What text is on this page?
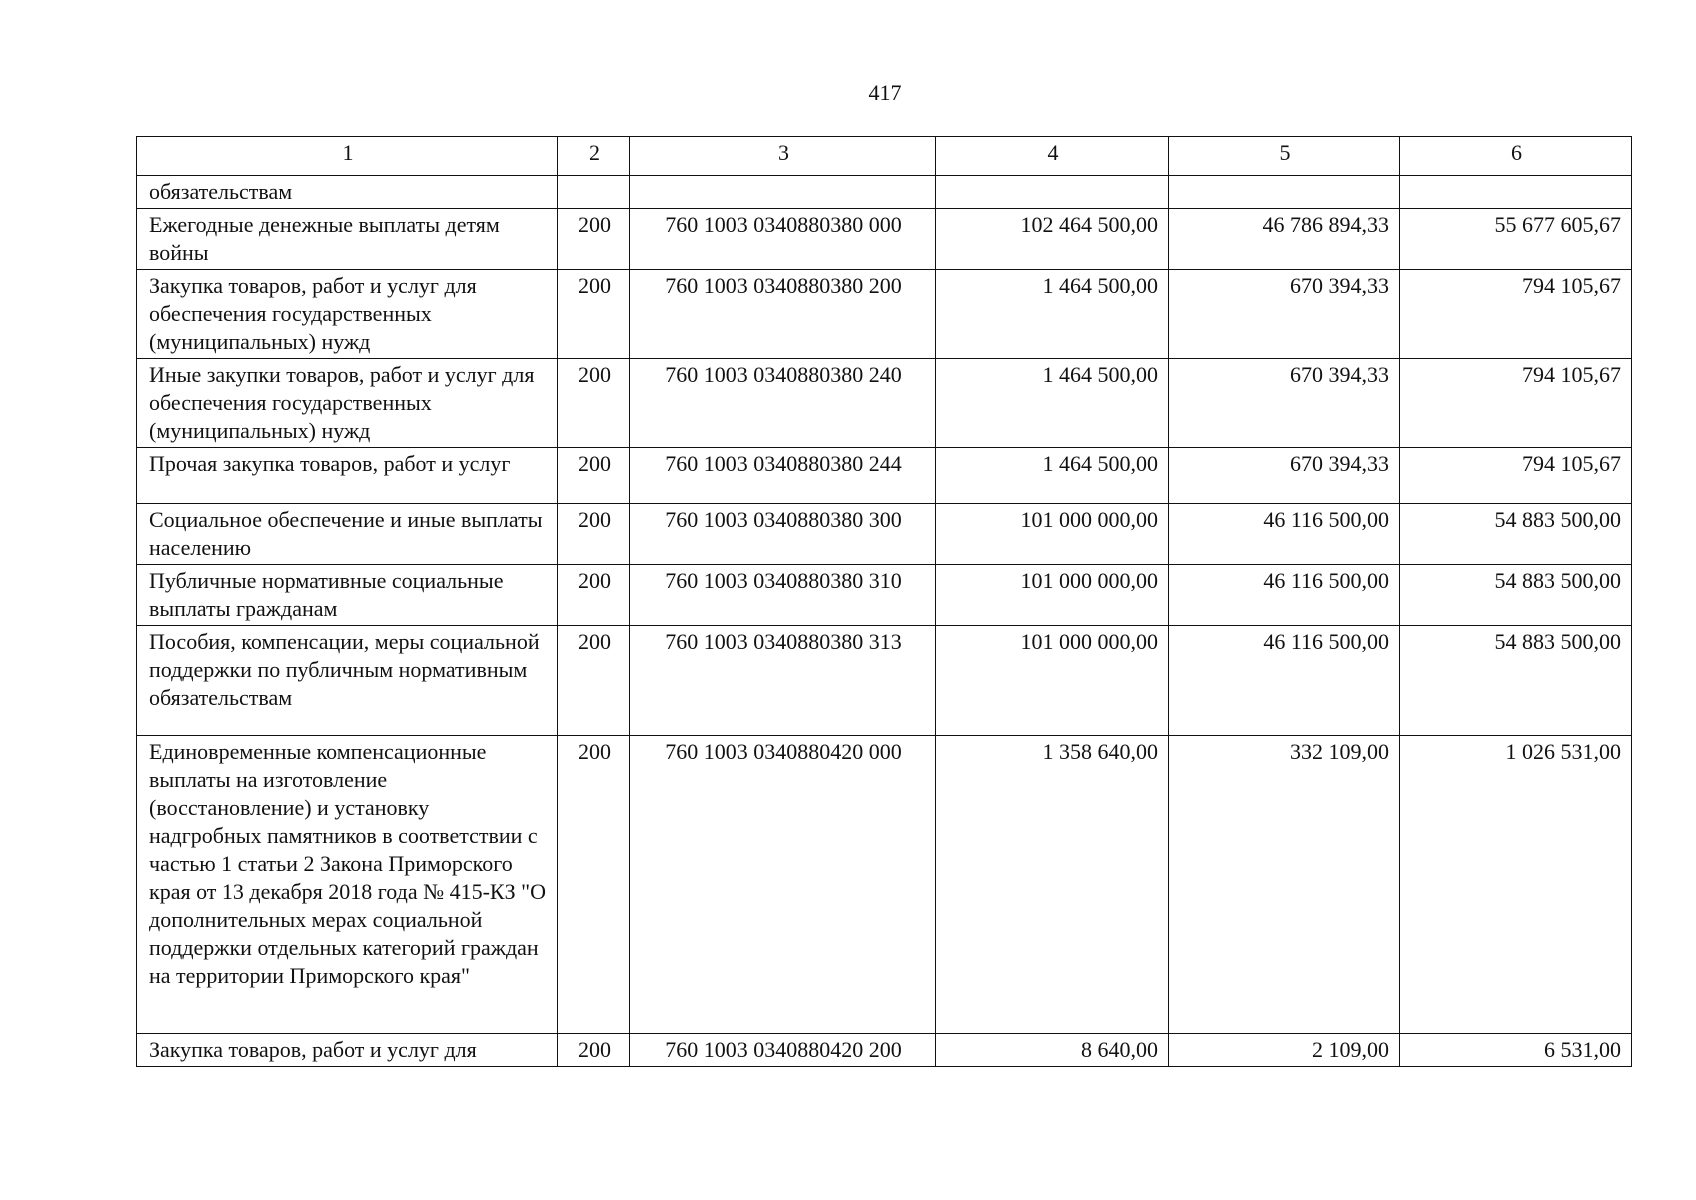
417
1	2	3	4	5	6
обязательствам					
Ежегодные денежные выплаты детям войны	200	760 1003 0340880380 000	102 464 500,00	46 786 894,33	55 677 605,67
Закупка товаров, работ и услуг для обеспечения государственных (муниципальных) нужд	200	760 1003 0340880380 200	1 464 500,00	670 394,33	794 105,67
Иные закупки товаров, работ и услуг для обеспечения государственных (муниципальных) нужд	200	760 1003 0340880380 240	1 464 500,00	670 394,33	794 105,67
Прочая закупка товаров, работ и услуг	200	760 1003 0340880380 244	1 464 500,00	670 394,33	794 105,67
Социальное обеспечение и иные выплаты населению	200	760 1003 0340880380 300	101 000 000,00	46 116 500,00	54 883 500,00
Публичные нормативные социальные выплаты гражданам	200	760 1003 0340880380 310	101 000 000,00	46 116 500,00	54 883 500,00
Пособия, компенсации, меры социальной поддержки по публичным нормативным обязательствам	200	760 1003 0340880380 313	101 000 000,00	46 116 500,00	54 883 500,00
Единовременные компенсационные выплаты на изготовление (восстановление) и установку надгробных памятников в соответствии с частью 1 статьи 2 Закона Приморского края от 13 декабря 2018 года № 415-КЗ "О дополнительных мерах социальной поддержки отдельных категорий граждан на территории Приморского края"	200	760 1003 0340880420 000	1 358 640,00	332 109,00	1 026 531,00
Закупка товаров, работ и услуг для	200	760 1003 0340880420 200	8 640,00	2 109,00	6 531,00
